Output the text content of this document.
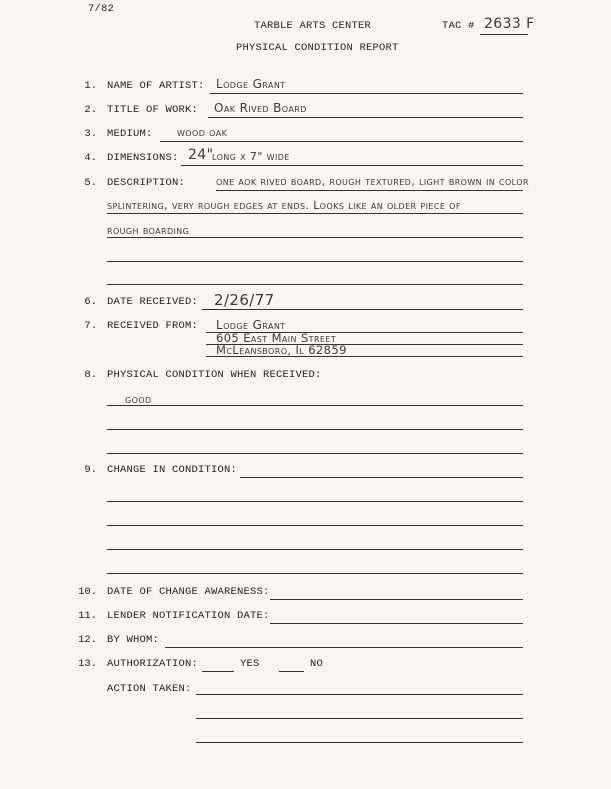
7/82
TARBLE ARTS CENTER	TAC # 2633 F
PHYSICAL CONDITION REPORT
1. NAME OF ARTIST: Lodge Grant
2. TITLE OF WORK: Oak Rived Board
3. MEDIUM: wood oak
4. DIMENSIONS: 24"
long x 7" wide
5. DESCRIPTION:	one aok rived board, rough textured, light brown in color
splintering, very rough edges at ends. Looks like an older piece of
rough boarding
6. DATE RECEIVED: 2/26/77
7. RECEIVED FROM: Lodge Grant
605 East Main Street
McLeansboro, Il 62859
8. PHYSICAL CONDITION WHEN RECEIVED:
good
9. CHANGE IN CONDITION:
10. DATE OF CHANGE AWARENESS:
11. LENDER NOTIFICATION DATE:
12. BY WHOM:
13. AUTHORIZATION:	YES	NO
ACTION TAKEN:
